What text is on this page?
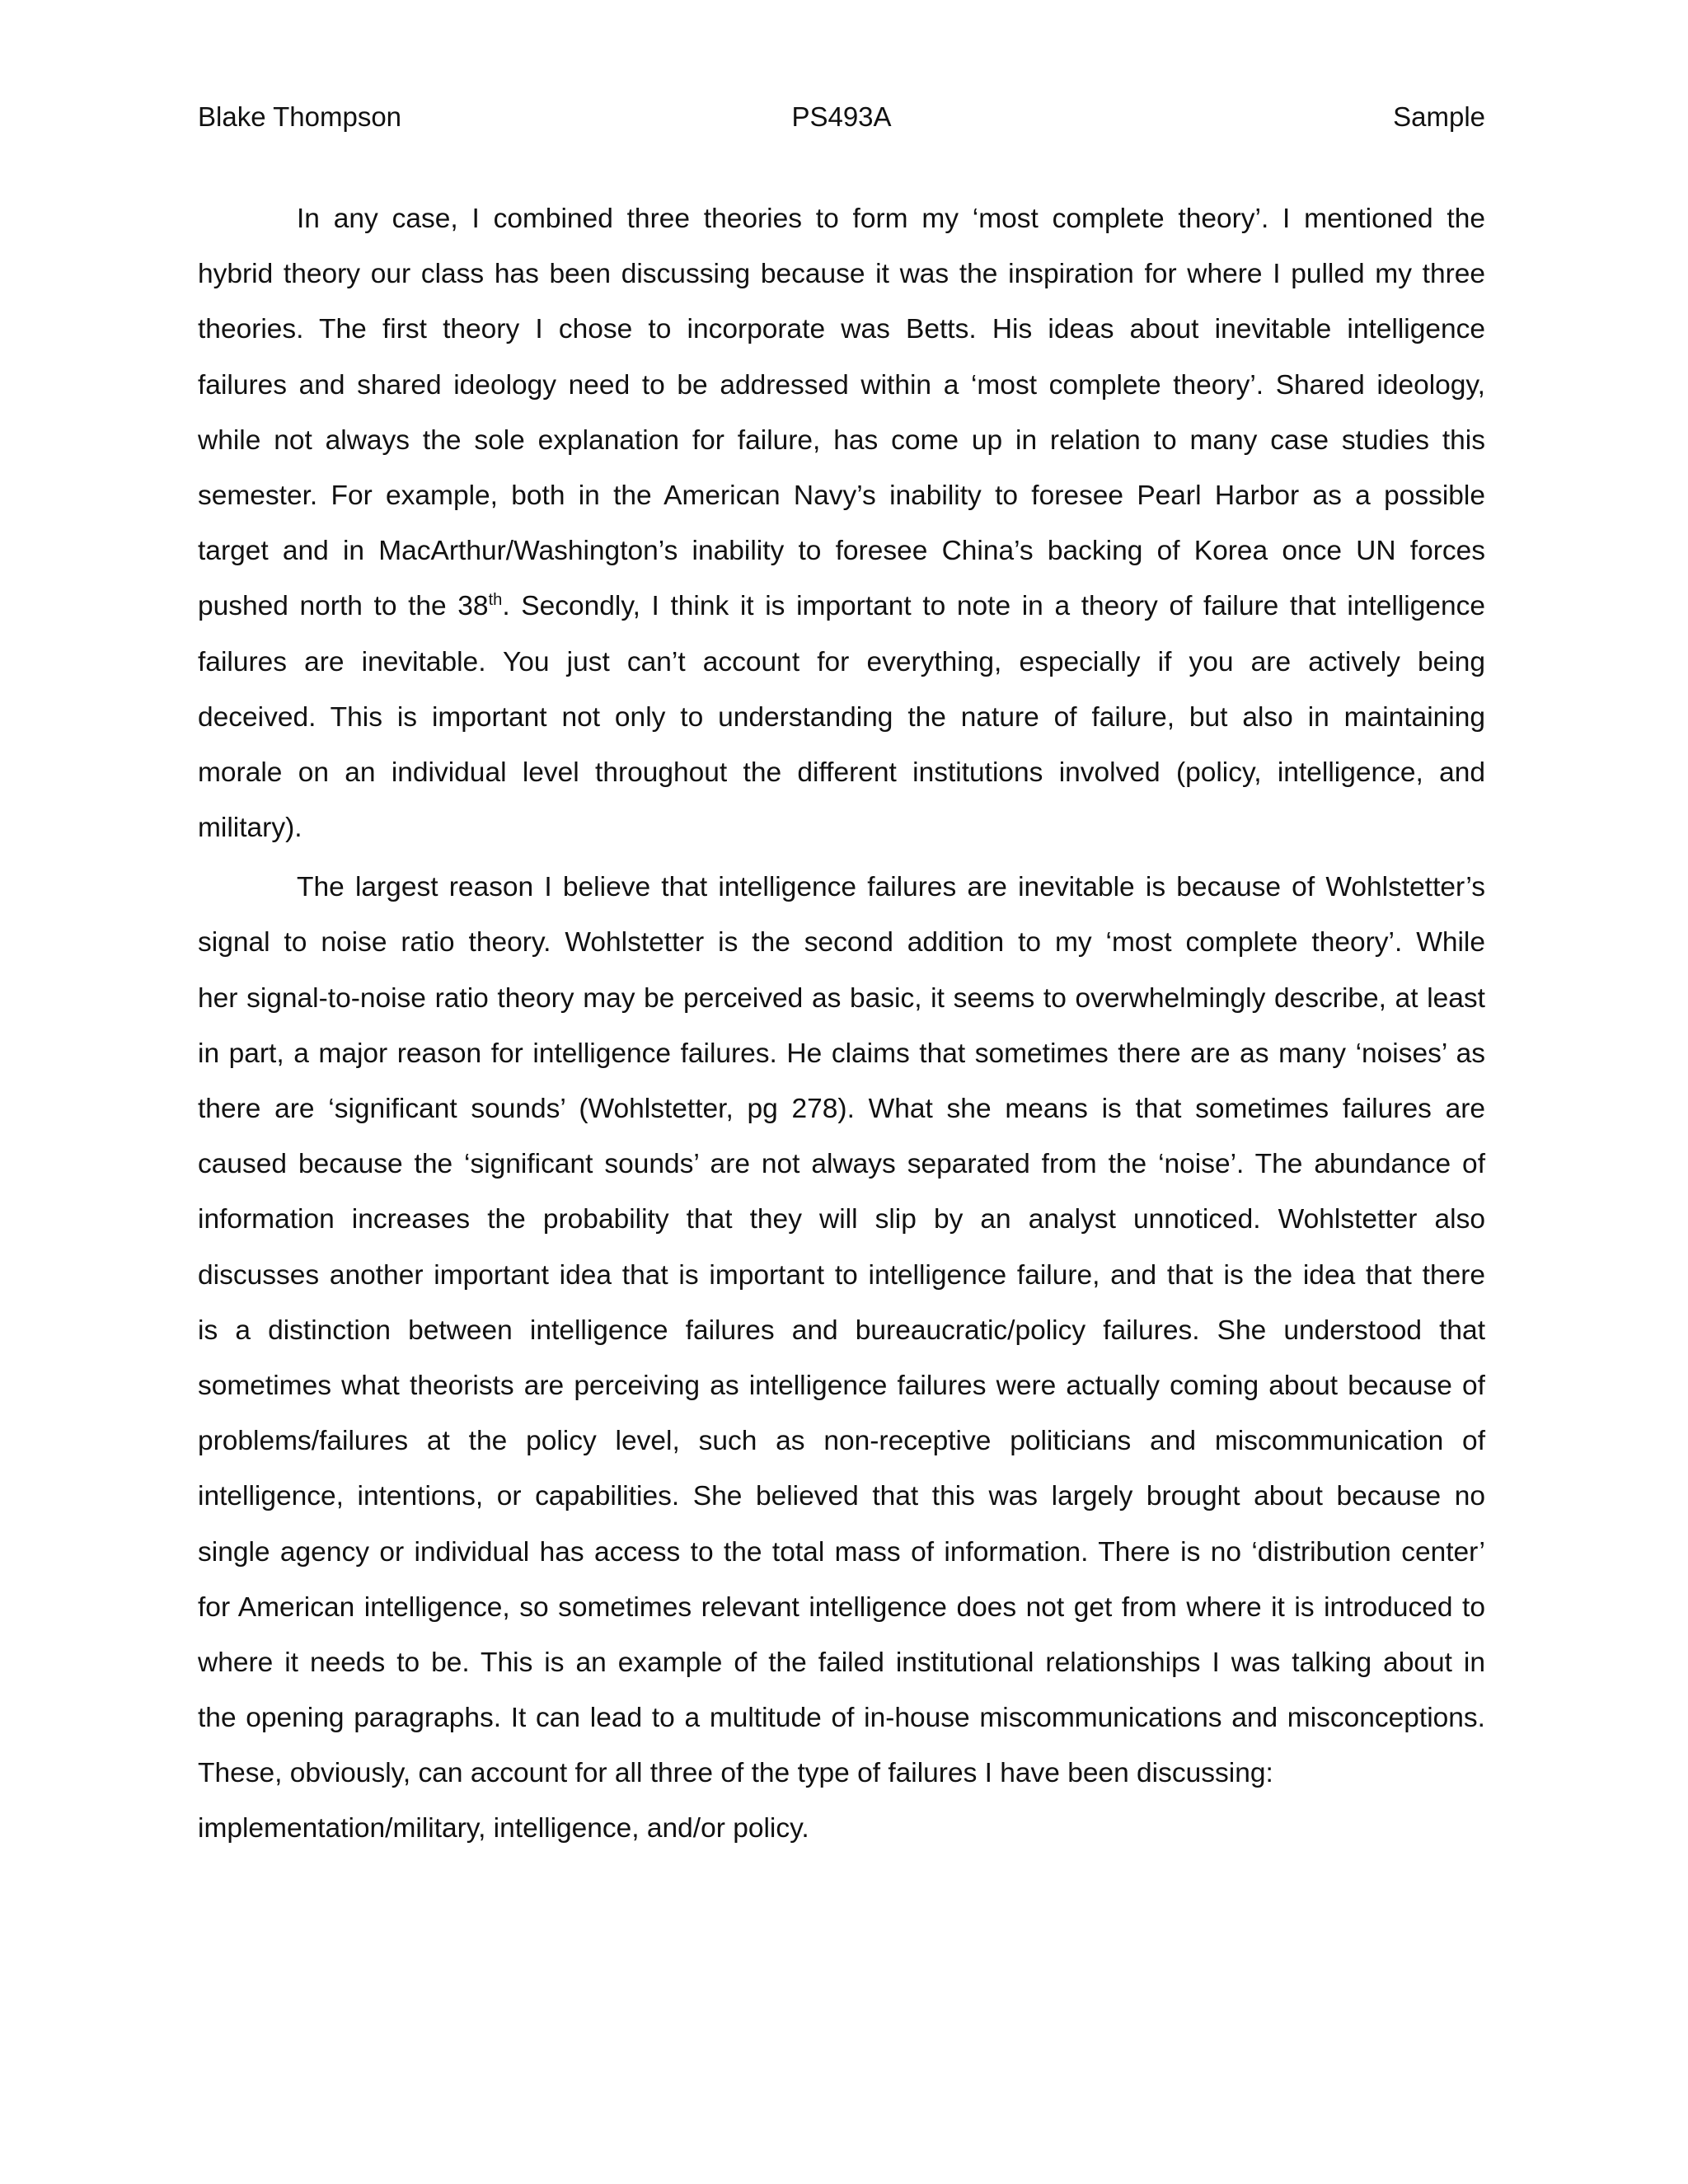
Blake Thompson	PS493A	Sample
In any case, I combined three theories to form my ‘most complete theory’. I mentioned the
hybrid theory our class has been discussing because it was the inspiration for where I pulled my three
theories. The first theory I chose to incorporate was Betts. His ideas about inevitable intelligence
failures and shared ideology need to be addressed within a ‘most complete theory’. Shared ideology,
while not always the sole explanation for failure, has come up in relation to many case studies this
semester. For example, both in the American Navy’s inability to foresee Pearl Harbor as a possible
target and in MacArthur/Washington’s inability to foresee China’s backing of Korea once UN forces
pushed north to the 38th. Secondly, I think it is important to note in a theory of failure that intelligence
failures are inevitable. You just can’t account for everything, especially if you are actively being
deceived. This is important not only to understanding the nature of failure, but also in maintaining
morale on an individual level throughout the different institutions involved (policy, intelligence, and
military).
The largest reason I believe that intelligence failures are inevitable is because of Wohlstetter’s
signal to noise ratio theory. Wohlstetter is the second addition to my ‘most complete theory’. While
her signal-to-noise ratio theory may be perceived as basic, it seems to overwhelmingly describe, at least
in part, a major reason for intelligence failures. He claims that sometimes there are as many ‘noises’ as
there are ‘significant sounds’ (Wohlstetter, pg 278). What she means is that sometimes failures are
caused because the ‘significant sounds’ are not always separated from the ‘noise’. The abundance of
information increases the probability that they will slip by an analyst unnoticed. Wohlstetter also
discusses another important idea that is important to intelligence failure, and that is the idea that there
is a distinction between intelligence failures and bureaucratic/policy failures. She understood that
sometimes what theorists are perceiving as intelligence failures were actually coming about because of
problems/failures at the policy level, such as non-receptive politicians and miscommunication of
intelligence, intentions, or capabilities. She believed that this was largely brought about because no
single agency or individual has access to the total mass of information. There is no ‘distribution center’
for American intelligence, so sometimes relevant intelligence does not get from where it is introduced to
where it needs to be. This is an example of the failed institutional relationships I was talking about in
the opening paragraphs. It can lead to a multitude of in-house miscommunications and misconceptions.
These, obviously, can account for all three of the type of failures I have been discussing:
implementation/military, intelligence, and/or policy.
